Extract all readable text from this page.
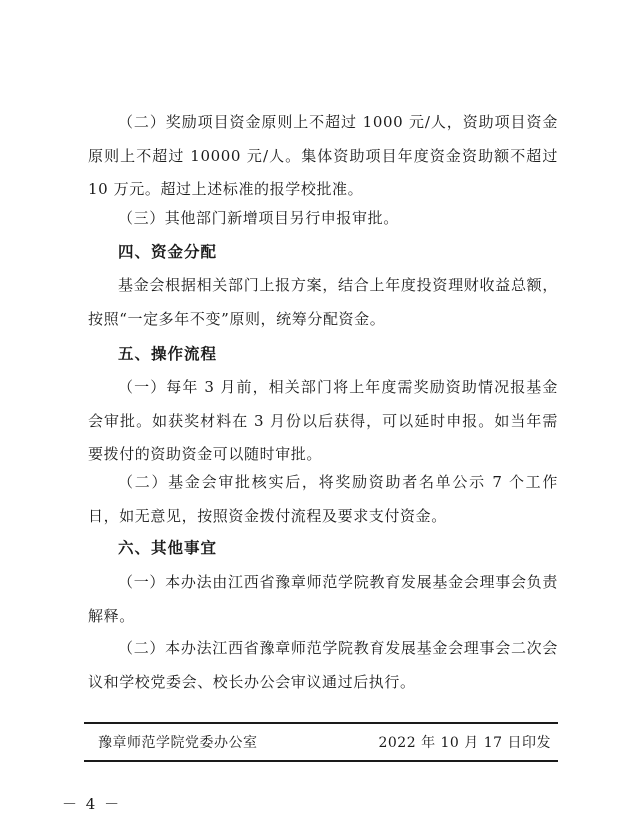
（二）奖励项目资金原则上不超过 1000 元/人，资助项目资金原则上不超过 10000 元/人。集体资助项目年度资金资助额不超过 10 万元。超过上述标准的报学校批准。

（三）其他部门新增项目另行申报审批。

四、资金分配

基金会根据相关部门上报方案，结合上年度投资理财收益总额，按照“一定多年不变”原则，统筹分配资金。

五、操作流程

（一）每年 3 月前，相关部门将上年度需奖励资助情况报基金会审批。如获奖材料在 3 月份以后获得，可以延时申报。如当年需要拨付的资助资金可以随时审批。

（二）基金会审批核实后，将奖励资助者名单公示 7 个工作日，如无意见，按照资金拨付流程及要求支付资金。

六、其他事宜

（一）本办法由江西省豫章师范学院教育发展基金会理事会负责解释。

（二）本办法江西省豫章师范学院教育发展基金会理事会二次会议和学校党委会、校长办公会审议通过后执行。

豫章师范学院党委办公室	2022 年 10 月 17 日印发
－ 4 －
